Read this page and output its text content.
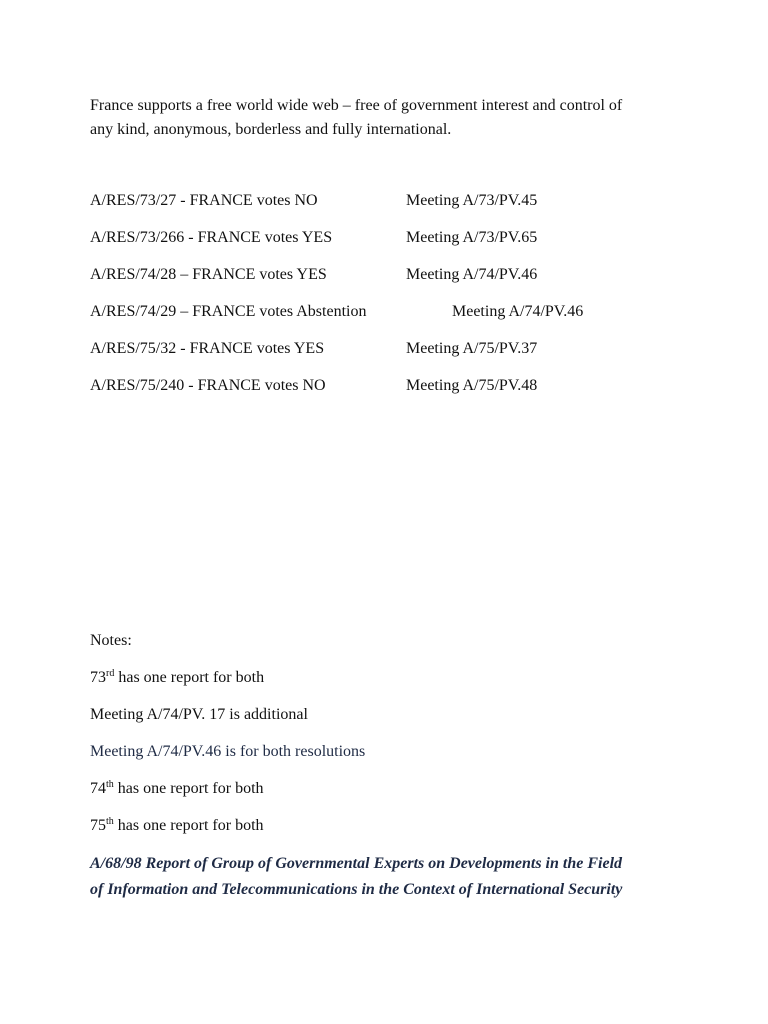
France supports a free world wide web – free of government interest and control of
any kind, anonymous, borderless and fully international.

A/RES/73/27 - FRANCE votes NO	Meeting A/73/PV.45
A/RES/73/266 - FRANCE votes YES	Meeting A/73/PV.65
A/RES/74/28 – FRANCE votes YES	Meeting A/74/PV.46
A/RES/74/29 – FRANCE votes Abstention	Meeting A/74/PV.46
A/RES/75/32 - FRANCE votes YES	Meeting A/75/PV.37
A/RES/75/240 - FRANCE votes NO	Meeting A/75/PV.48
Notes:
73rd has one report for both
Meeting A/74/PV. 17 is additional
Meeting A/74/PV.46 is for both resolutions
74th has one report for both
75th has one report for both
A/68/98 Report of Group of Governmental Experts on Developments in the Field
of Information and Telecommunications in the Context of International Security
